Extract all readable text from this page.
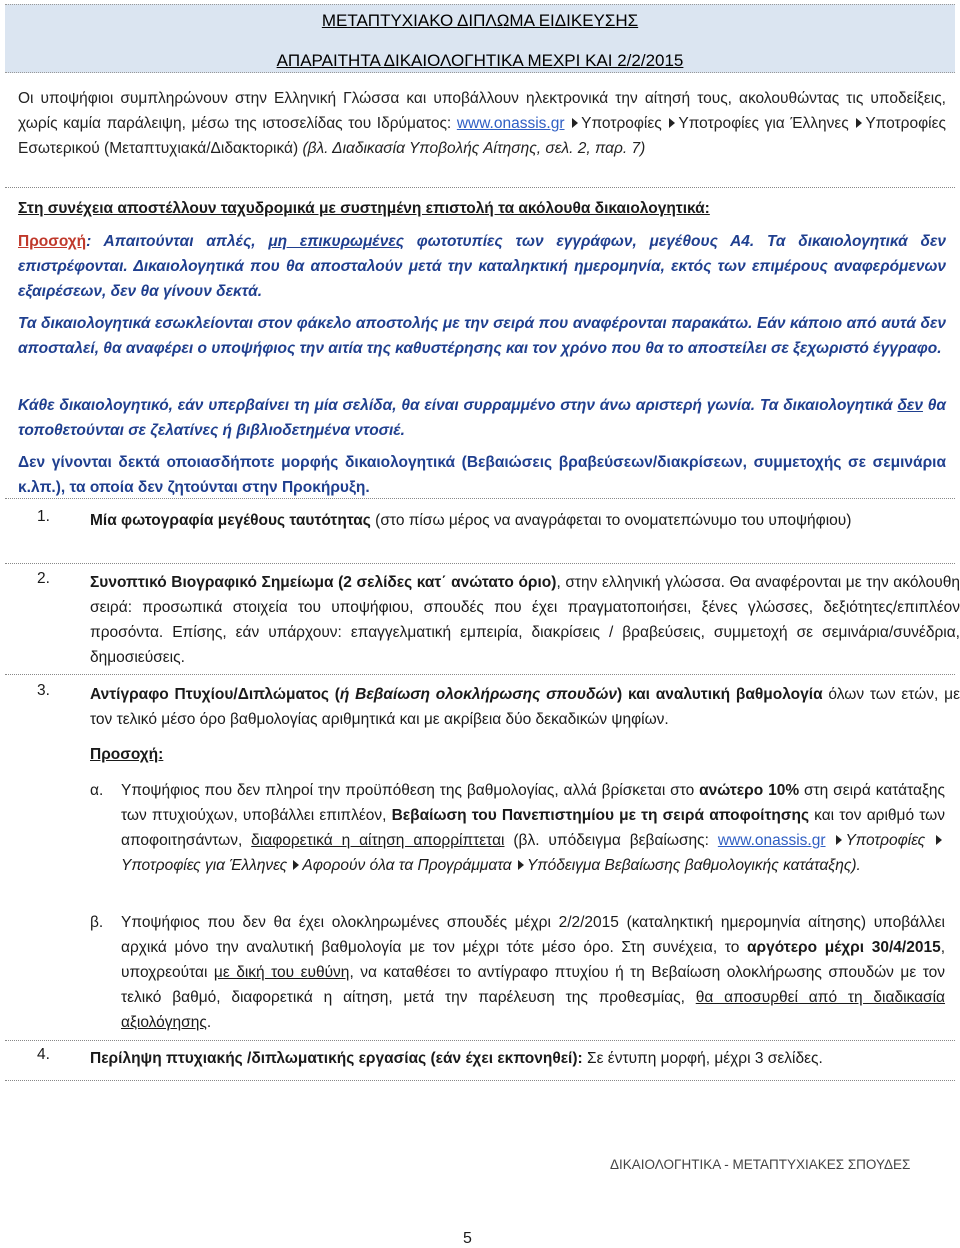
ΜΕΤΑΠΤΥΧΙΑΚΟ ΔΙΠΛΩΜΑ ΕΙΔΙΚΕΥΣΗΣ
ΑΠΑΡΑΙΤΗΤΑ ΔΙΚΑΙΟΛΟΓΗΤΙΚΑ ΜΕΧΡΙ ΚΑΙ 2/2/2015
Οι υποψήφιοι συμπληρώνουν στην Ελληνική Γλώσσα και υποβάλλουν ηλεκτρονικά την αίτησή τους, ακολουθώντας τις υποδείξεις, χωρίς καμία παράλειψη, μέσω της ιστοσελίδας του Ιδρύματος: www.onassis.gr Υποτροφίες Υποτροφίες για Έλληνες Υποτροφίες Εσωτερικού (Μεταπτυχιακά/Διδακτορικά) (βλ. Διαδικασία Υποβολής Αίτησης, σελ. 2, παρ. 7)
Στη συνέχεια αποστέλλουν ταχυδρομικά με συστημένη επιστολή τα ακόλουθα δικαιολογητικά:
Προσοχή: Απαιτούνται απλές, μη επικυρωμένες φωτοτυπίες των εγγράφων, μεγέθους Α4. Τα δικαιολογητικά δεν επιστρέφονται. Δικαιολογητικά που θα αποσταλούν μετά την καταληκτική ημερομηνία, εκτός των επιμέρους αναφερόμενων εξαιρέσεων, δεν θα γίνουν δεκτά.
Τα δικαιολογητικά εσωκλείονται στον φάκελο αποστολής με την σειρά που αναφέρονται παρακάτω. Εάν κάποιο από αυτά δεν αποσταλεί, θα αναφέρει ο υποψήφιος την αιτία της καθυστέρησης και τον χρόνο που θα το αποστείλει σε ξεχωριστό έγγραφο.
Κάθε δικαιολογητικό, εάν υπερβαίνει τη μία σελίδα, θα είναι συρραμμένο στην άνω αριστερή γωνία. Τα δικαιολογητικά δεν θα τοποθετούνται σε ζελατίνες ή βιβλιοδετημένα ντοσιέ.
Δεν γίνονται δεκτά οποιασδήποτε μορφής δικαιολογητικά (Βεβαιώσεις βραβεύσεων/διακρίσεων, συμμετοχής σε σεμινάρια κ.λπ.), τα οποία δεν ζητούνται στην Προκήρυξη.
1.	Μία φωτογραφία μεγέθους ταυτότητας (στο πίσω μέρος να αναγράφεται το ονοματεπώνυμο του υποψήφιου)
2.	Συνοπτικό Βιογραφικό Σημείωμα (2 σελίδες κατ΄ ανώτατο όριο), στην ελληνική γλώσσα. Θα αναφέρονται με την ακόλουθη σειρά: προσωπικά στοιχεία του υποψήφιου, σπουδές που έχει πραγματοποιήσει, ξένες γλώσσες, δεξιότητες/επιπλέον προσόντα. Επίσης, εάν υπάρχουν: επαγγελματική εμπειρία, διακρίσεις / βραβεύσεις, συμμετοχή σε σεμινάρια/συνέδρια, δημοσιεύσεις.
3.	Αντίγραφο Πτυχίου/Διπλώματος (ή Βεβαίωση ολοκλήρωσης σπουδών) και αναλυτική βαθμολογία όλων των ετών, με τον τελικό μέσο όρο βαθμολογίας αριθμητικά και με ακρίβεια δύο δεκαδικών ψηφίων.
Προσοχή:
α.	Υποψήφιος που δεν πληροί την προϋπόθεση της βαθμολογίας, αλλά βρίσκεται στο ανώτερο 10% στη σειρά κατάταξης των πτυχιούχων, υποβάλλει επιπλέον, Βεβαίωση του Πανεπιστημίου με τη σειρά αποφοίτησης και τον αριθμό των αποφοιτησάντων, διαφορετικά η αίτηση απορρίπτεται (βλ. υπόδειγμα βεβαίωσης: www.onassis.gr Υποτροφίες Υποτροφίες για Έλληνες Αφορούν όλα τα Προγράμματα Υπόδειγμα Βεβαίωσης βαθμολογικής κατάταξης).
β.	Υποψήφιος που δεν θα έχει ολοκληρωμένες σπουδές μέχρι 2/2/2015 (καταληκτική ημερομηνία αίτησης) υποβάλλει αρχικά μόνο την αναλυτική βαθμολογία με τον μέχρι τότε μέσο όρο. Στη συνέχεια, το αργότερο μέχρι 30/4/2015, υποχρεούται με δική του ευθύνη, να καταθέσει το αντίγραφο πτυχίου ή τη Βεβαίωση ολοκλήρωσης σπουδών με τον τελικό βαθμό, διαφορετικά η αίτηση, μετά την παρέλευση της προθεσμίας, θα αποσυρθεί από τη διαδικασία αξιολόγησης.
4.	Περίληψη πτυχιακής /διπλωματικής εργασίας (εάν έχει εκπονηθεί): Σε έντυπη μορφή, μέχρι 3 σελίδες.
ΔΙΚΑΙΟΛΟΓΗΤΙΚΑ - ΜΕΤΑΠΤΥΧΙΑΚΕΣ ΣΠΟΥΔΕΣ
5
